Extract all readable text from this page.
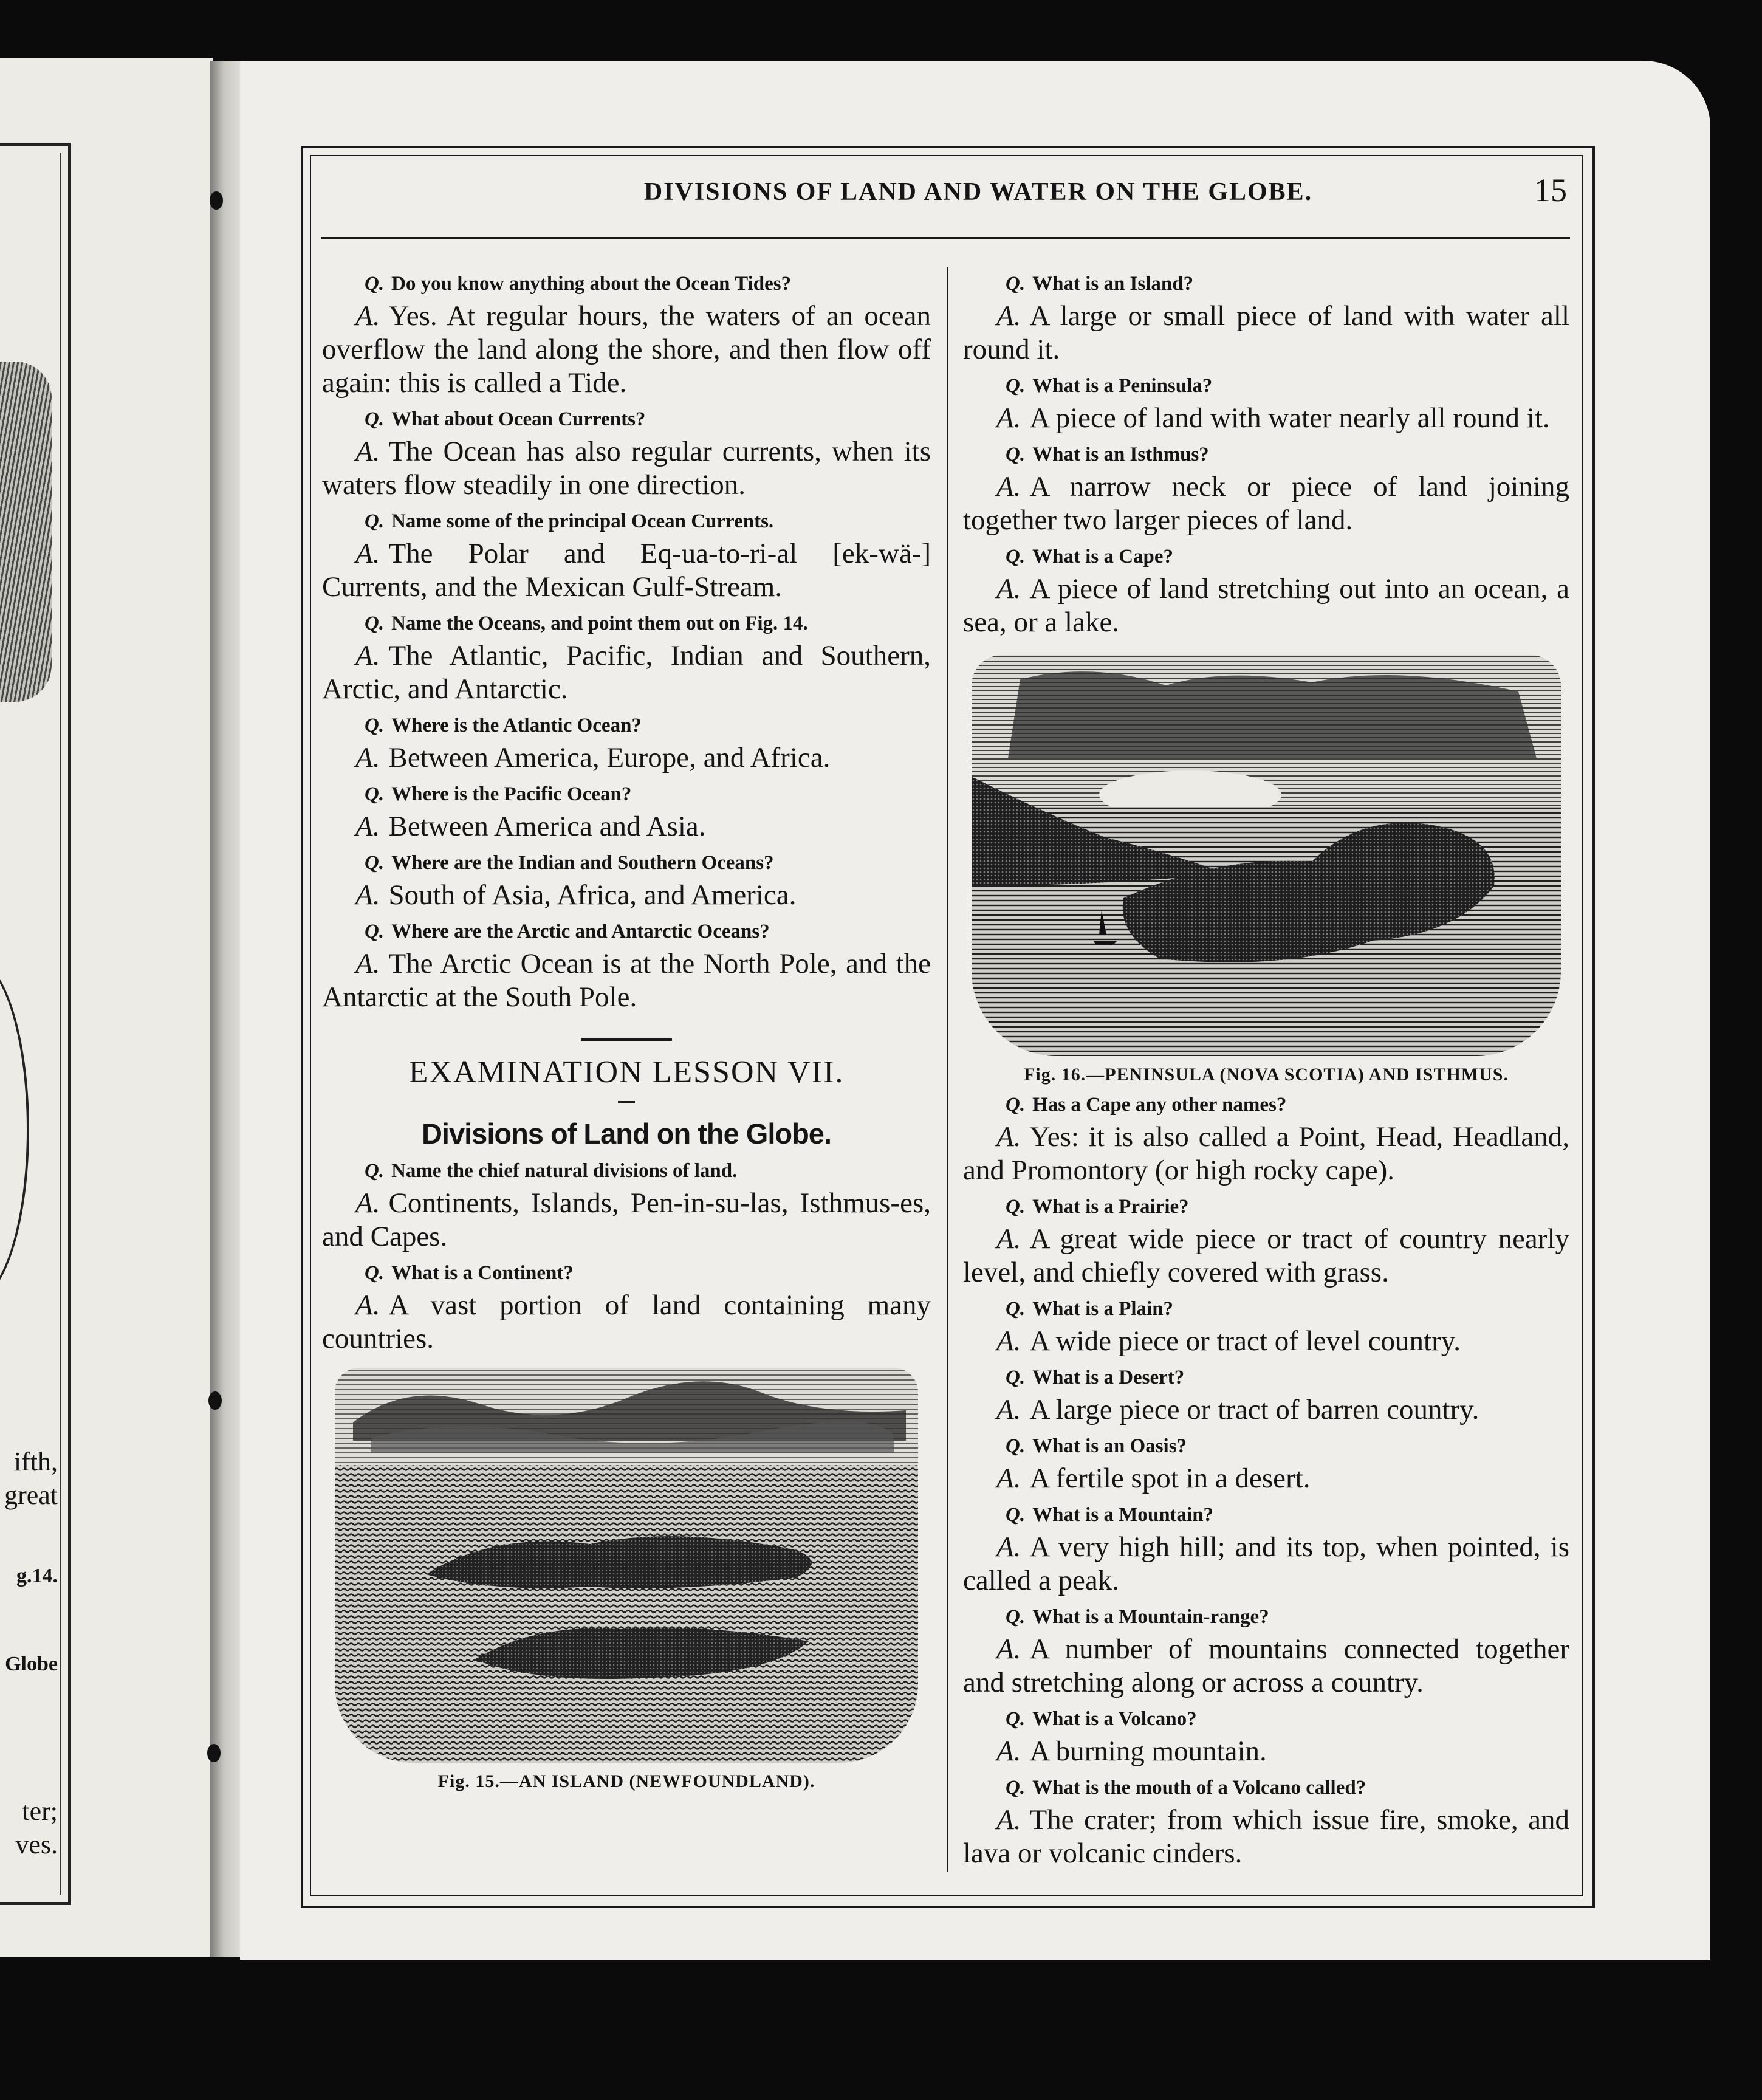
ifth,
great
g.14.
Globe
ter;
ves.
DIVISIONS OF LAND AND WATER ON THE GLOBE.	15
Q. Do you know anything about the Ocean Tides?
A. Yes. At regular hours, the waters of an ocean overflow the land along the shore, and then flow off again: this is called a Tide.
Q. What about Ocean Currents?
A. The Ocean has also regular currents, when its waters flow steadily in one direction.
Q. Name some of the principal Ocean Currents.
A. The Polar and Eq-ua-to-ri-al [ek-wä-] Currents, and the Mexican Gulf-Stream.
Q. Name the Oceans, and point them out on Fig. 14.
A. The Atlantic, Pacific, Indian and Southern, Arctic, and Antarctic.
Q. Where is the Atlantic Ocean?
A. Between America, Europe, and Africa.
Q. Where is the Pacific Ocean?
A. Between America and Asia.
Q. Where are the Indian and Southern Oceans?
A. South of Asia, Africa, and America.
Q. Where are the Arctic and Antarctic Oceans?
A. The Arctic Ocean is at the North Pole, and the Antarctic at the South Pole.
EXAMINATION LESSON VII.
Divisions of Land on the Globe.
Q. Name the chief natural divisions of land.
A. Continents, Islands, Pen-in-su-las, Isthmus-es, and Capes.
Q. What is a Continent?
A. A vast portion of land containing many countries.
Fig. 15.—AN ISLAND (NEWFOUNDLAND).
Q. What is an Island?
A. A large or small piece of land with water all round it.
Q. What is a Peninsula?
A. A piece of land with water nearly all round it.
Q. What is an Isthmus?
A. A narrow neck or piece of land joining together two larger pieces of land.
Q. What is a Cape?
A. A piece of land stretching out into an ocean, a sea, or a lake.
Fig. 16.—PENINSULA (NOVA SCOTIA) AND ISTHMUS.
Q. Has a Cape any other names?
A. Yes: it is also called a Point, Head, Headland, and Promontory (or high rocky cape).
Q. What is a Prairie?
A. A great wide piece or tract of country nearly level, and chiefly covered with grass.
Q. What is a Plain?
A. A wide piece or tract of level country.
Q. What is a Desert?
A. A large piece or tract of barren country.
Q. What is an Oasis?
A. A fertile spot in a desert.
Q. What is a Mountain?
A. A very high hill; and its top, when pointed, is called a peak.
Q. What is a Mountain-range?
A. A number of mountains connected together and stretching along or across a country.
Q. What is a Volcano?
A. A burning mountain.
Q. What is the mouth of a Volcano called?
A. The crater; from which issue fire, smoke, and lava or volcanic cinders.
